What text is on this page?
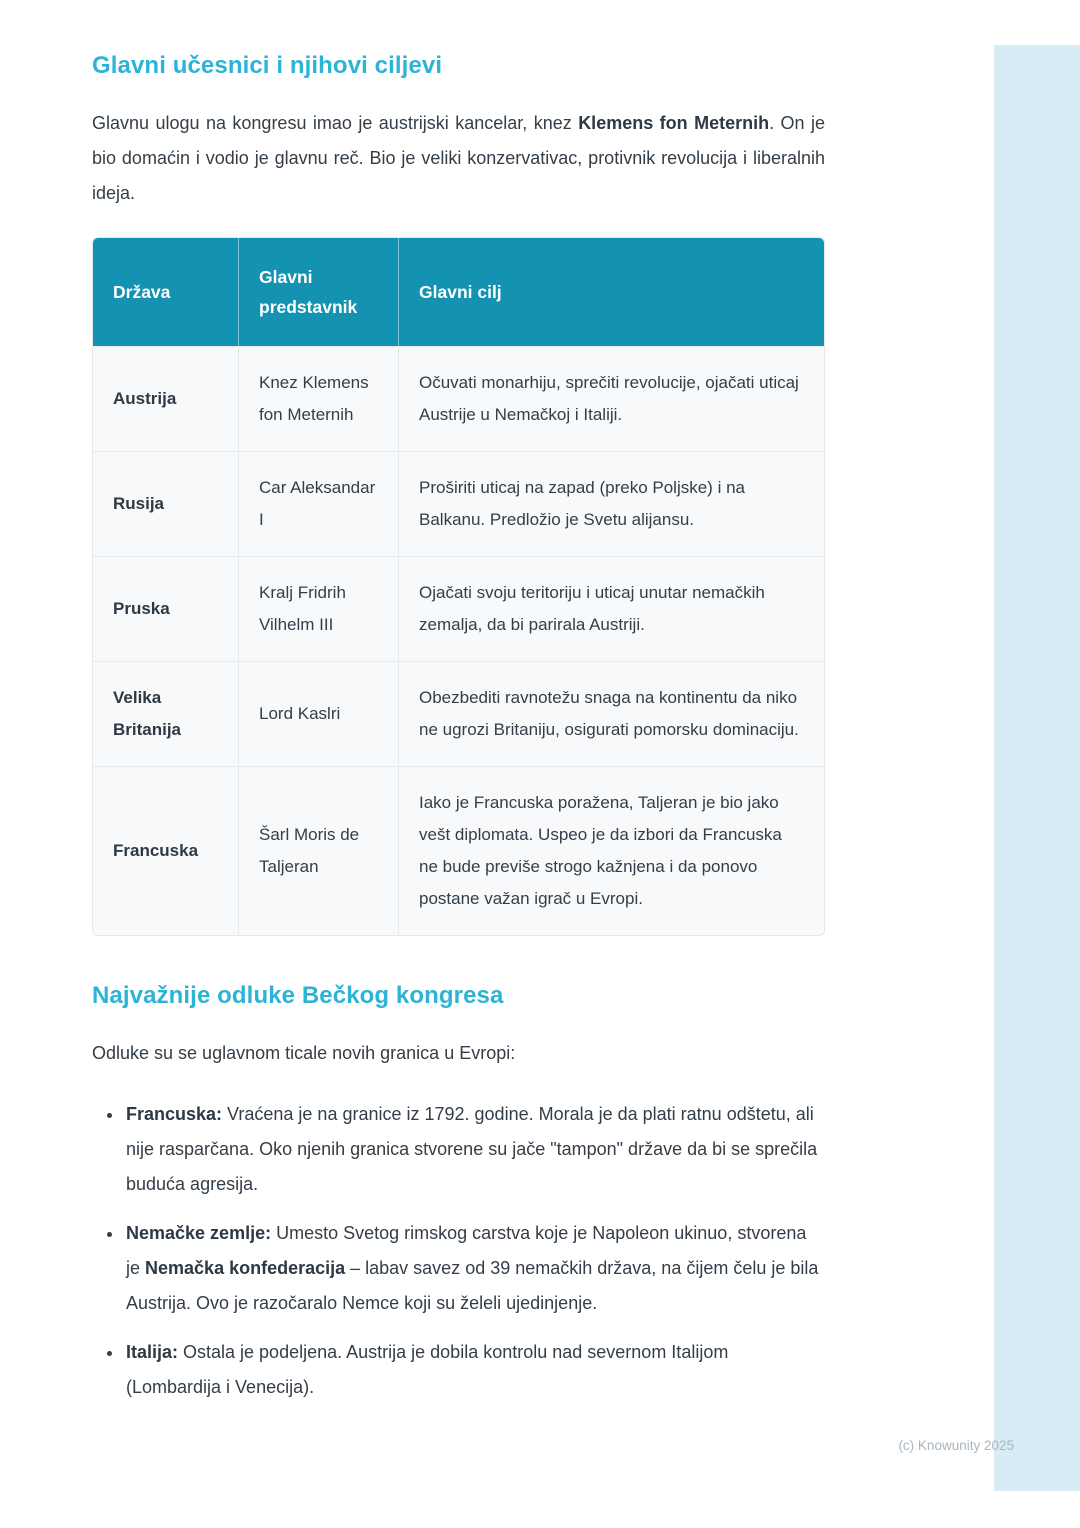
(c) Knowunity 2025
Glavni učesnici i njihovi ciljevi

Glavnu ulogu na kongresu imao je austrijski kancelar, knez Klemens fon Meternih. On je bio domaćin i vodio je glavnu reč. Bio je veliki konzervativac, protivnik revolucija i liberalnih ideja.

Država	Glavni predstavnik	Glavni cilj
Austrija	Knez Klemens fon Meternih	Očuvati monarhiju, sprečiti revolucije, ojačati uticaj Austrije u Nemačkoj i Italiji.
Rusija	Car Aleksandar I	Proširiti uticaj na zapad (preko Poljske) i na Balkanu. Predložio je Svetu alijansu.
Pruska	Kralj Fridrih Vilhelm III	Ojačati svoju teritoriju i uticaj unutar nemačkih zemalja, da bi parirala Austriji.
Velika Britanija	Lord Kaslri	Obezbediti ravnotežu snaga na kontinentu da niko ne ugrozi Britaniju, osigurati pomorsku dominaciju.
Francuska	Šarl Moris de Taljeran	Iako je Francuska poražena, Taljeran je bio jako vešt diplomata. Uspeo je da izbori da Francuska ne bude previše strogo kažnjena i da ponovo postane važan igrač u Evropi.
Najvažnije odluke Bečkog kongresa

Odluke su se uglavnom ticale novih granica u Evropi:

• Francuska: Vraćena je na granice iz 1792. godine. Morala je da plati ratnu odštetu, ali nije rasparčana. Oko njenih granica stvorene su jače "tampon" države da bi se sprečila buduća agresija.
• Nemačke zemlje: Umesto Svetog rimskog carstva koje je Napoleon ukinuo, stvorena je Nemačka konfederacija – labav savez od 39 nemačkih država, na čijem čelu je bila Austrija. Ovo je razočaralo Nemce koji su želeli ujedinjenje.
• Italija: Ostala je podeljena. Austrija je dobila kontrolu nad severnom Italijom (Lombardija i Venecija).
